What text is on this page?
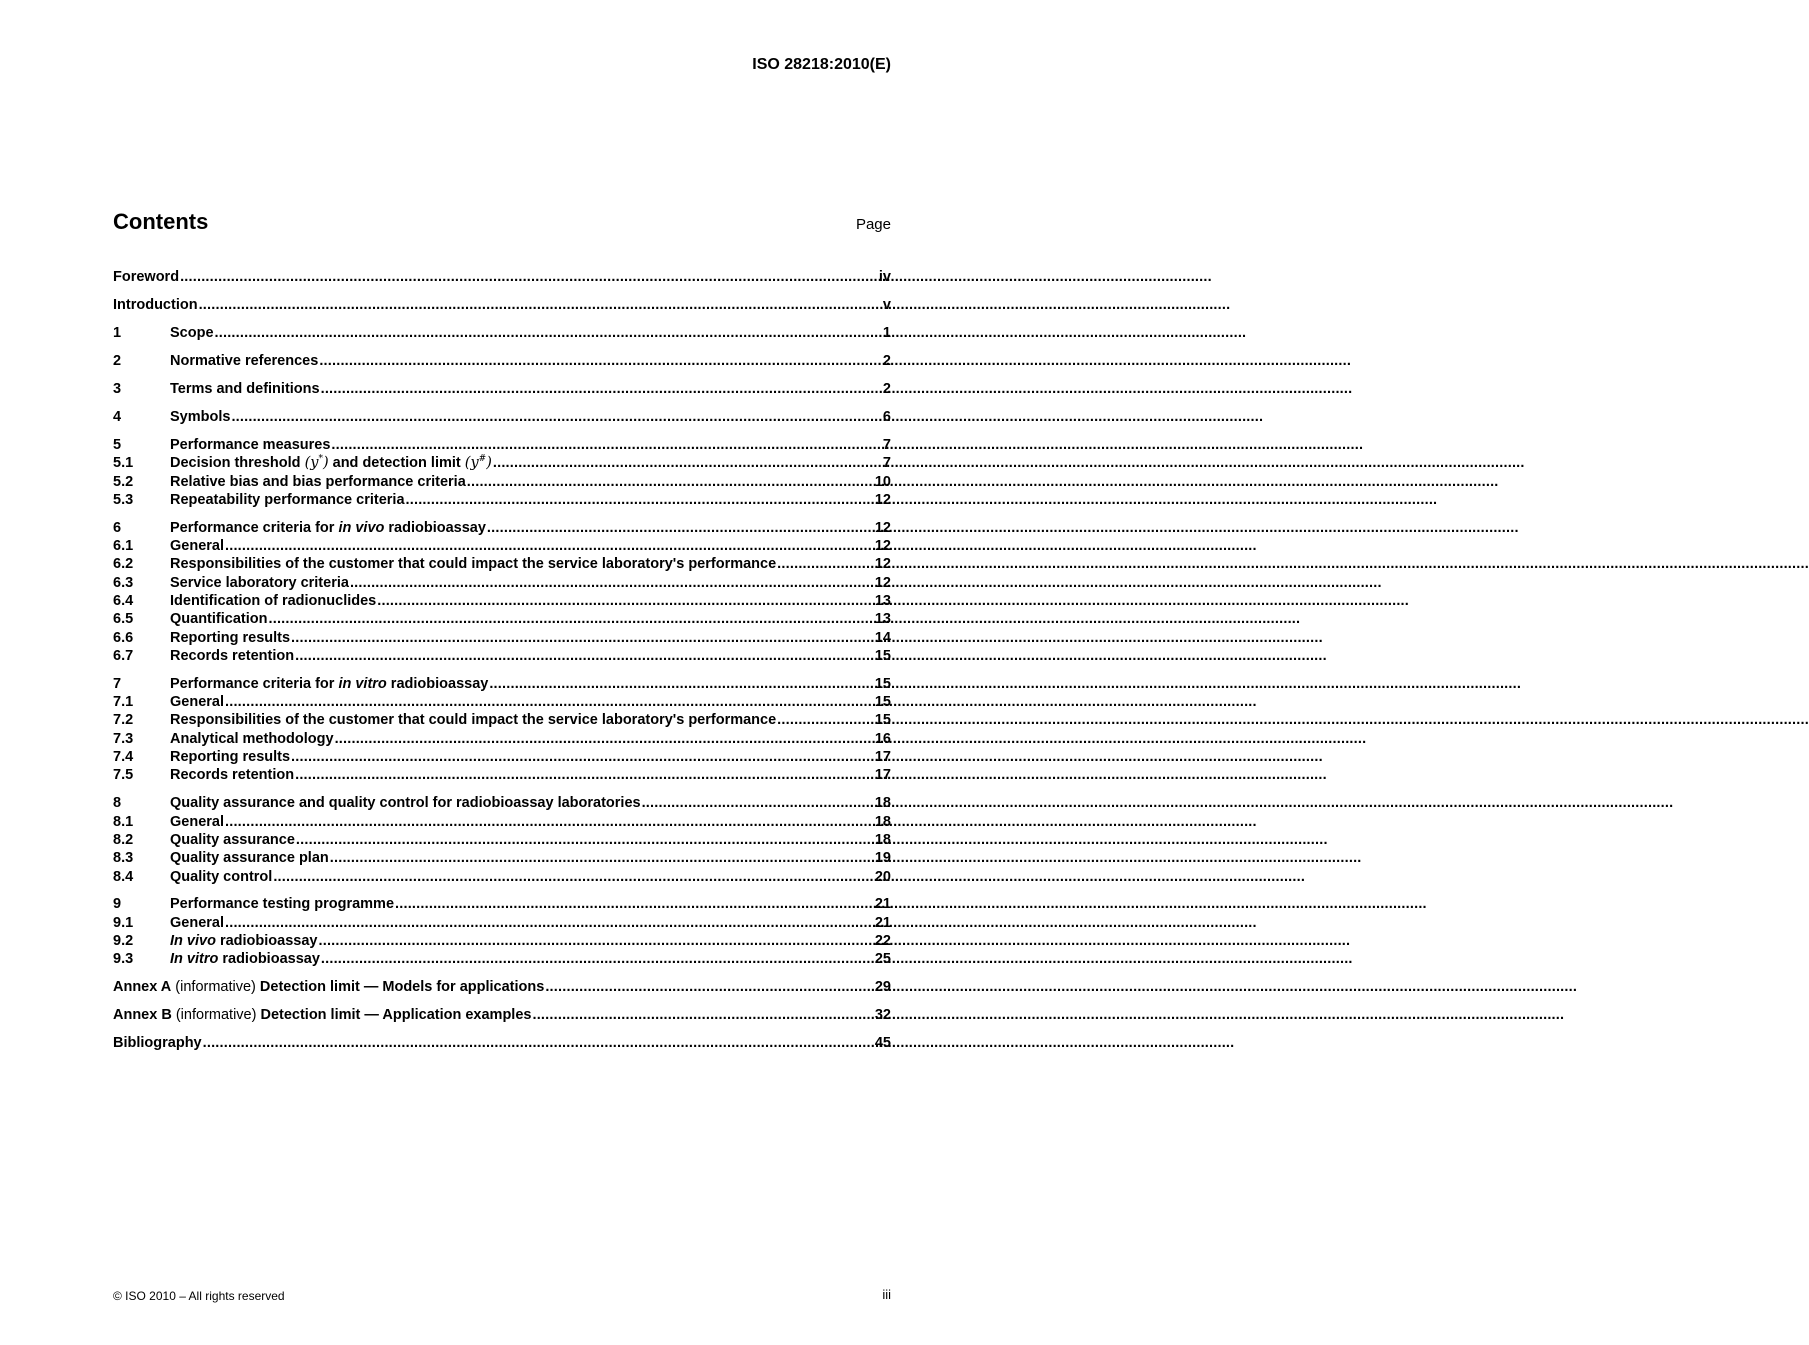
ISO 28218:2010(E)
Contents	Page
Foreword .....	iv
Introduction .....	v
1	Scope .....	1
2	Normative references .....	2
3	Terms and definitions .....	2
4	Symbols .....	6
5	Performance measures .....	7
5.1	Decision threshold (y*) and detection limit (y#) .....	7
5.2	Relative bias and bias performance criteria .....	10
5.3	Repeatability performance criteria .....	12
6	Performance criteria for in vivo radiobioassay .....	12
6.1	General .....	12
6.2	Responsibilities of the customer that could impact the service laboratory's performance .....	12
6.3	Service laboratory criteria .....	12
6.4	Identification of radionuclides .....	13
6.5	Quantification .....	13
6.6	Reporting results .....	14
6.7	Records retention .....	15
7	Performance criteria for in vitro radiobioassay .....	15
7.1	General .....	15
7.2	Responsibilities of the customer that could impact the service laboratory's performance .....	15
7.3	Analytical methodology .....	16
7.4	Reporting results .....	17
7.5	Records retention .....	17
8	Quality assurance and quality control for radiobioassay laboratories .....	18
8.1	General .....	18
8.2	Quality assurance .....	18
8.3	Quality assurance plan .....	19
8.4	Quality control .....	20
9	Performance testing programme .....	21
9.1	General .....	21
9.2	In vivo radiobioassay .....	22
9.3	In vitro radiobioassay .....	25
Annex A (informative) Detection limit — Models for applications .....	29
Annex B (informative) Detection limit — Application examples .....	32
Bibliography .....	45
© ISO 2010 – All rights reserved	iii
